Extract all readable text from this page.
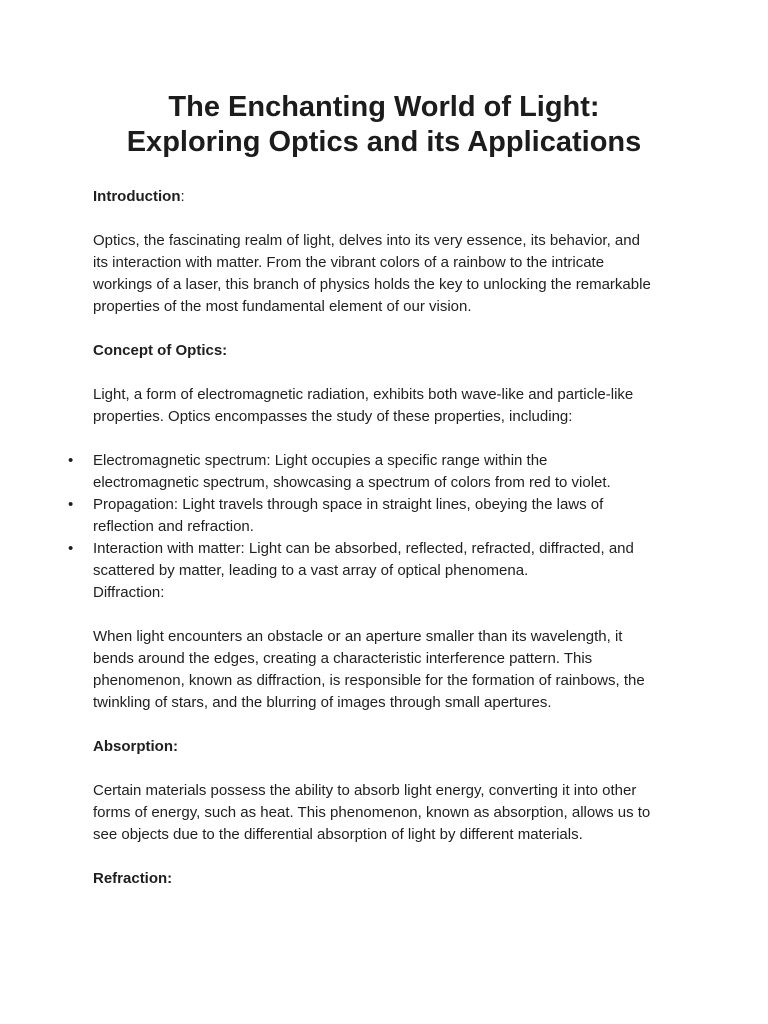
The Enchanting World of Light:
Exploring Optics and its Applications

Introduction:

Optics, the fascinating realm of light, delves into its very essence, its behavior, and
its interaction with matter. From the vibrant colors of a rainbow to the intricate
workings of a laser, this branch of physics holds the key to unlocking the remarkable
properties of the most fundamental element of our vision.

Concept of Optics:

Light, a form of electromagnetic radiation, exhibits both wave-like and particle-like
properties. Optics encompasses the study of these properties, including:

•	Electromagnetic spectrum: Light occupies a specific range within the
electromagnetic spectrum, showcasing a spectrum of colors from red to violet.
•	Propagation: Light travels through space in straight lines, obeying the laws of
reflection and refraction.
•	Interaction with matter: Light can be absorbed, reflected, refracted, diffracted, and
scattered by matter, leading to a vast array of optical phenomena.
Diffraction:

When light encounters an obstacle or an aperture smaller than its wavelength, it
bends around the edges, creating a characteristic interference pattern. This
phenomenon, known as diffraction, is responsible for the formation of rainbows, the
twinkling of stars, and the blurring of images through small apertures.

Absorption:

Certain materials possess the ability to absorb light energy, converting it into other
forms of energy, such as heat. This phenomenon, known as absorption, allows us to
see objects due to the differential absorption of light by different materials.

Refraction:
